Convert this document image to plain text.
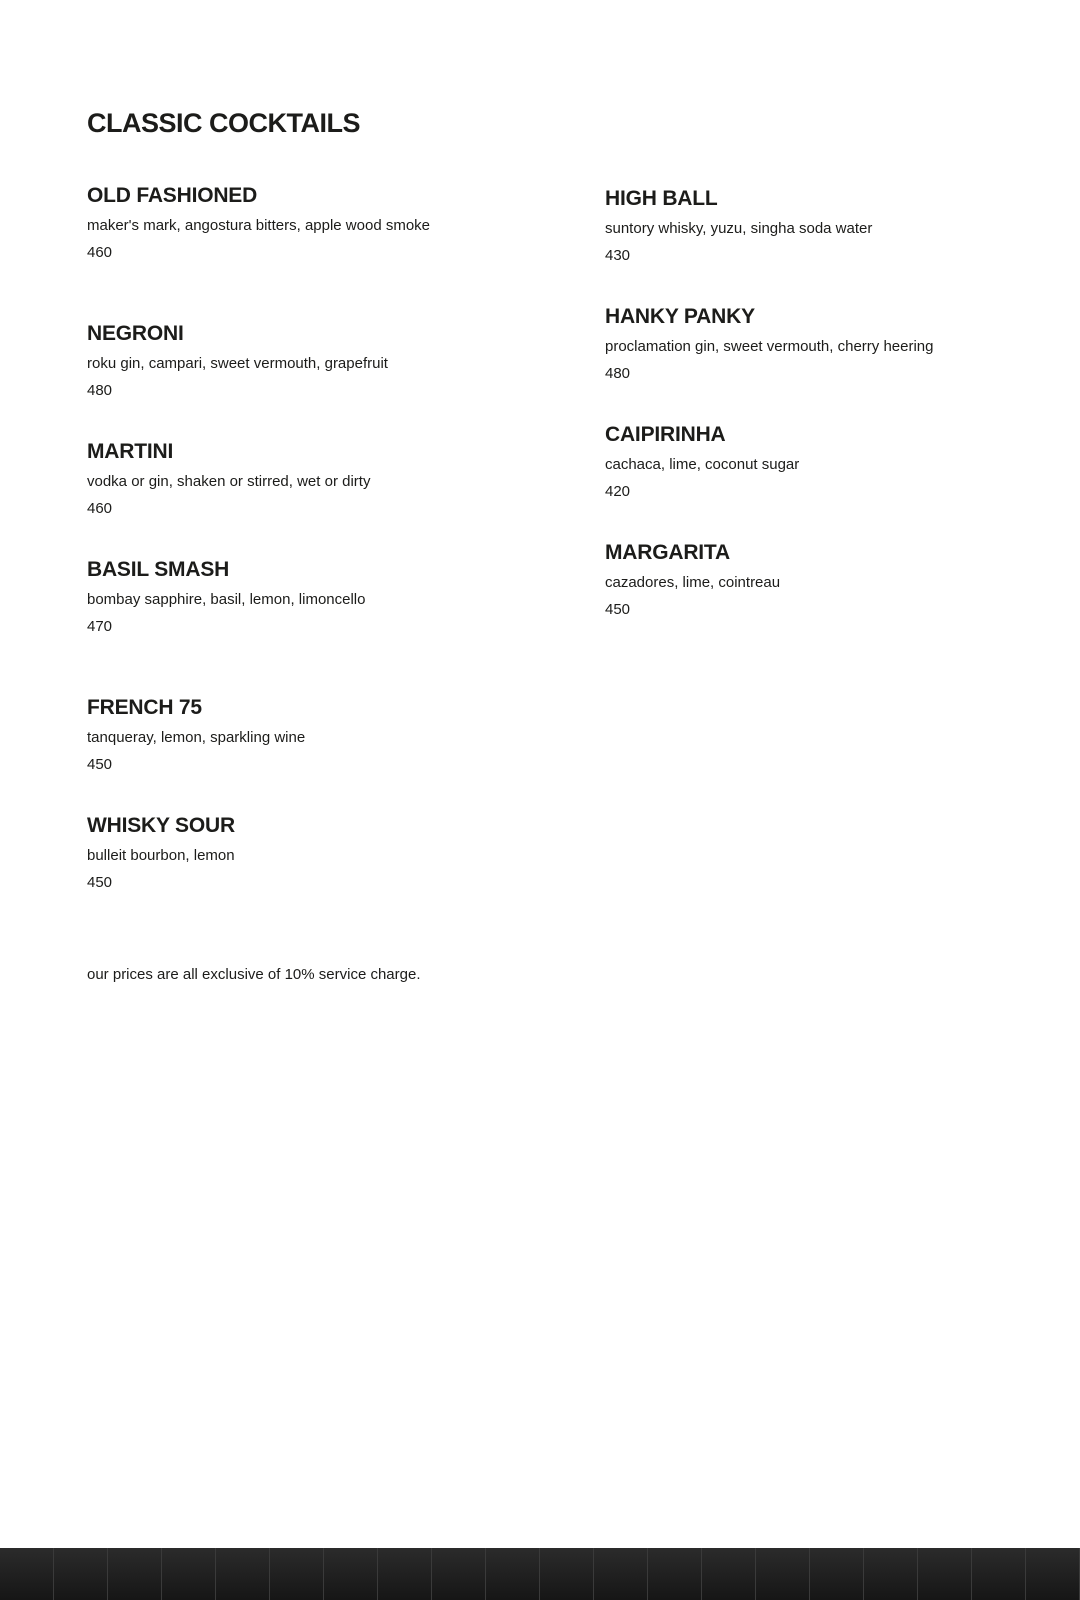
CLASSIC COCKTAILS
OLD FASHIONED
maker's mark, angostura bitters, apple wood smoke
460
NEGRONI
roku gin, campari, sweet vermouth, grapefruit
480
MARTINI
vodka or gin, shaken or stirred, wet or dirty
460
BASIL SMASH
bombay sapphire, basil, lemon, limoncello
470
FRENCH 75
tanqueray, lemon, sparkling wine
450
WHISKY SOUR
bulleit bourbon, lemon
450
HIGH BALL
suntory whisky, yuzu, singha soda water
430
HANKY PANKY
proclamation gin, sweet vermouth, cherry heering
480
CAIPIRINHA
cachaca, lime, coconut sugar
420
MARGARITA
cazadores, lime, cointreau
450
our prices are all exclusive of 10% service charge.
